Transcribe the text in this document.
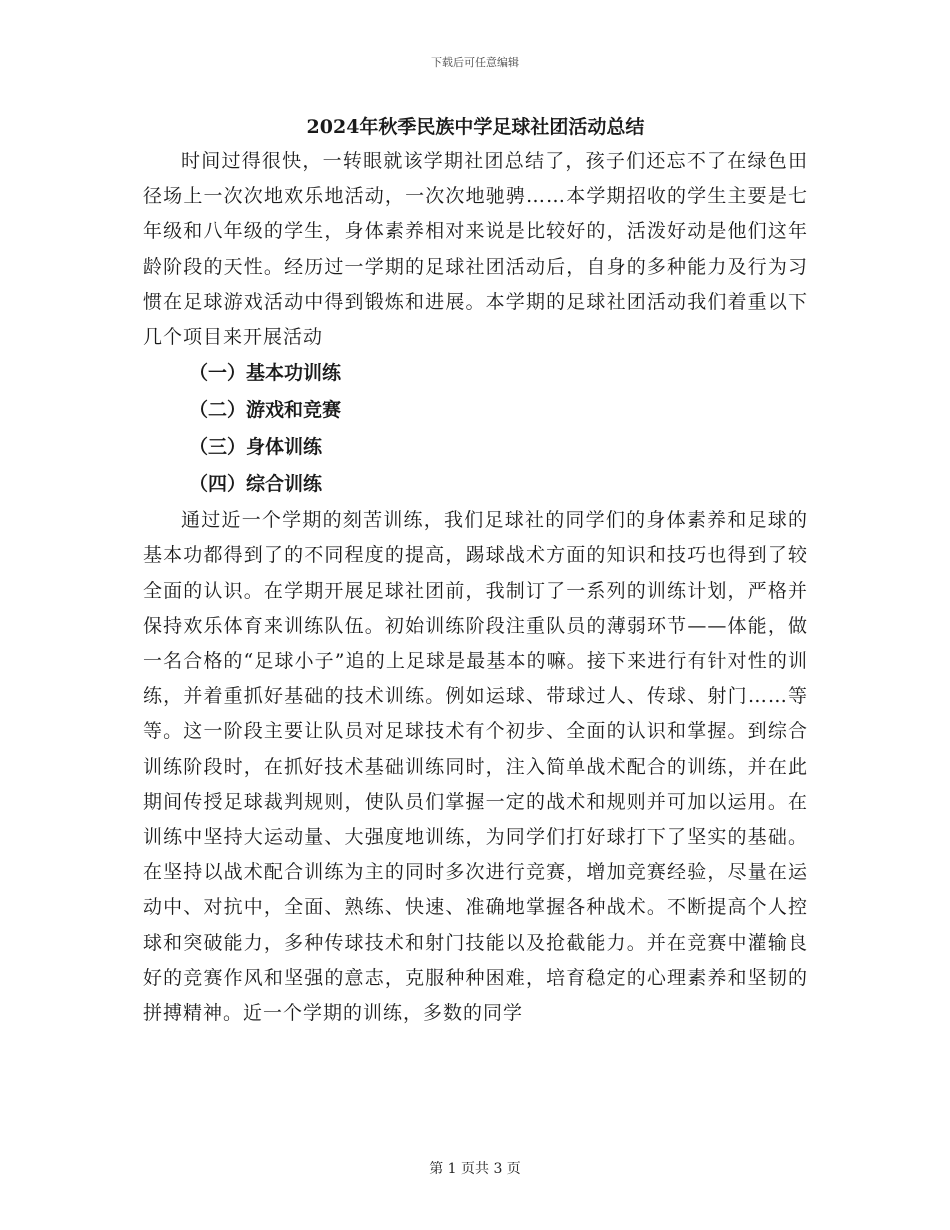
下载后可任意编辑
2024年秋季民族中学足球社团活动总结

时间过得很快，一转眼就该学期社团总结了，孩子们还忘不了在绿色田径场上一次次地欢乐地活动，一次次地驰骋……本学期招收的学生主要是七年级和八年级的学生，身体素养相对来说是比较好的，活泼好动是他们这年龄阶段的天性。经历过一学期的足球社团活动后，自身的多种能力及行为习惯在足球游戏活动中得到锻炼和进展。本学期的足球社团活动我们着重以下几个项目来开展活动

（一）基本功训练

（二）游戏和竞赛

（三）身体训练

（四）综合训练

通过近一个学期的刻苦训练，我们足球社的同学们的身体素养和足球的基本功都得到了的不同程度的提高，踢球战术方面的知识和技巧也得到了较全面的认识。在学期开展足球社团前，我制订了一系列的训练计划，严格并保持欢乐体育来训练队伍。初始训练阶段注重队员的薄弱环节——体能，做一名合格的“足球小子”追的上足球是最基本的嘛。接下来进行有针对性的训练，并着重抓好基础的技术训练。例如运球、带球过人、传球、射门……等等。这一阶段主要让队员对足球技术有个初步、全面的认识和掌握。到综合训练阶段时，在抓好技术基础训练同时，注入简单战术配合的训练，并在此期间传授足球裁判规则，使队员们掌握一定的战术和规则并可加以运用。在训练中坚持大运动量、大强度地训练，为同学们打好球打下了坚实的基础。在坚持以战术配合训练为主的同时多次进行竞赛，增加竞赛经验，尽量在运动中、对抗中，全面、熟练、快速、准确地掌握各种战术。不断提高个人控球和突破能力，多种传球技术和射门技能以及抢截能力。并在竞赛中灌输良好的竞赛作风和坚强的意志，克服种种困难，培育稳定的心理素养和坚韧的拼搏精神。近一个学期的训练，多数的同学

第 1 页共 3 页
